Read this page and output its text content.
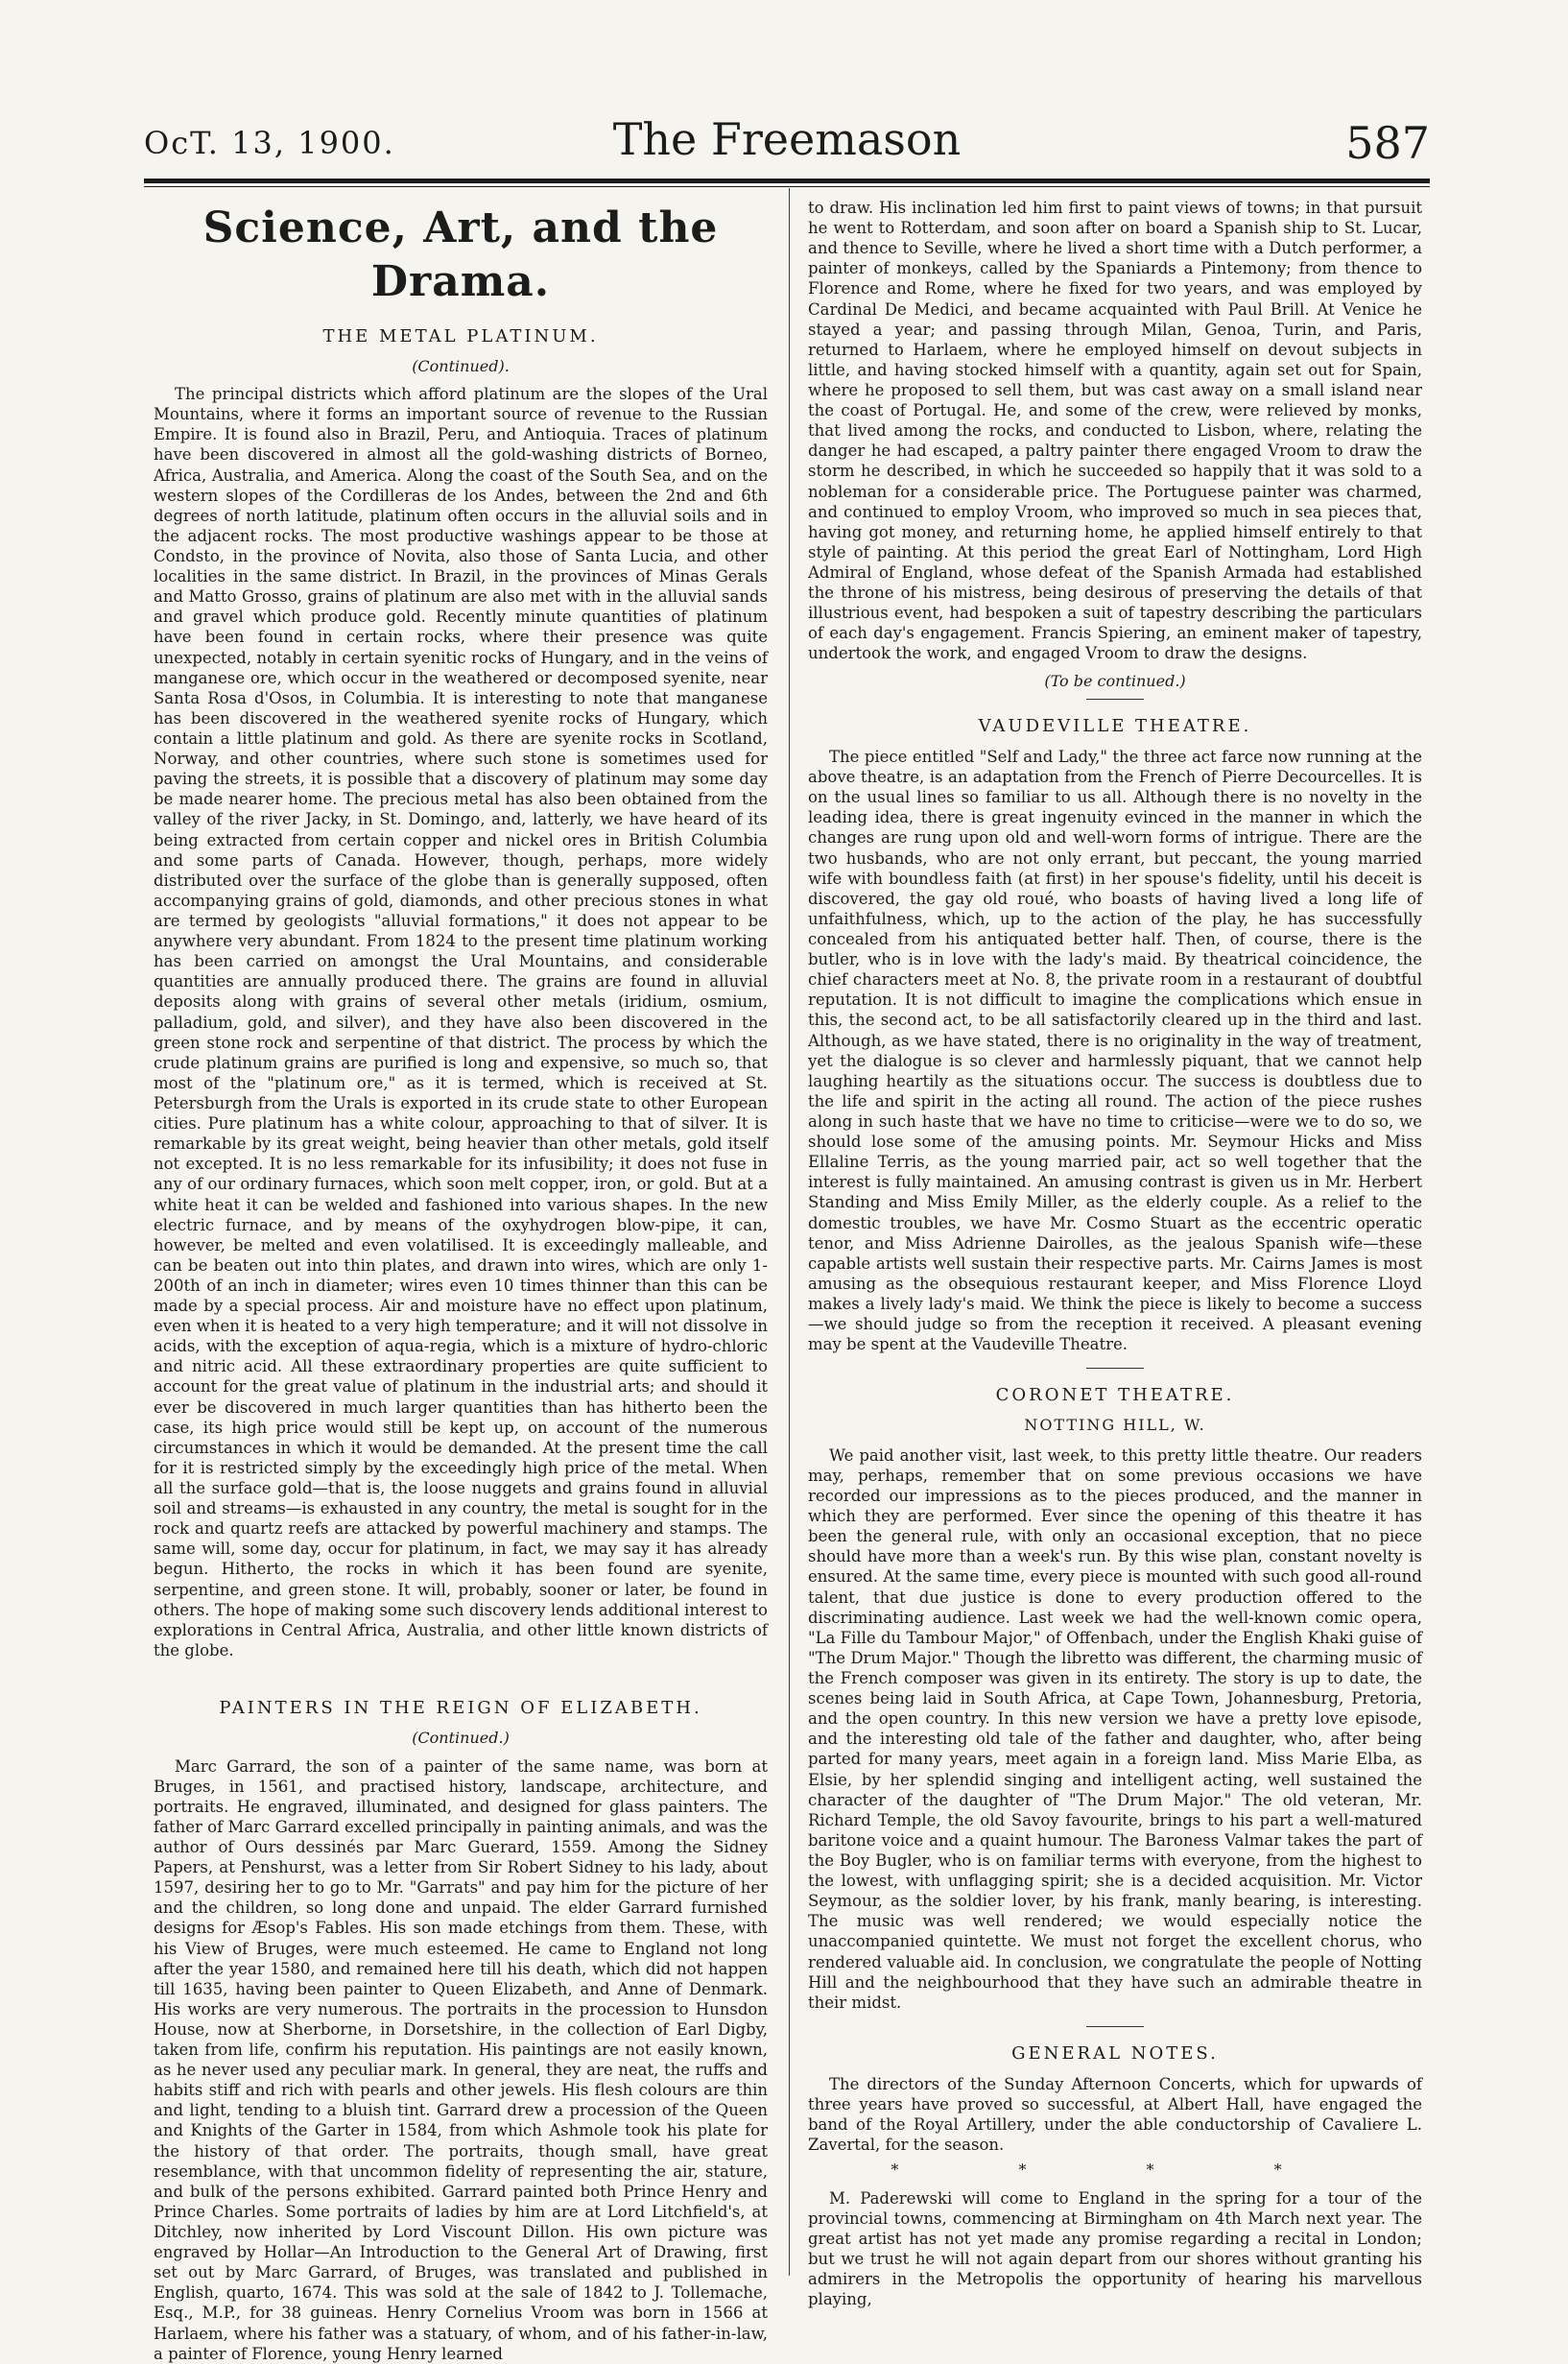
OcT. 13, 1900.	The Freemason	587
Science, Art, and the Drama.
THE METAL PLATINUM.
(Continued).

The principal districts which afford platinum are the slopes of the Ural Mountains, where it forms an important source of revenue to the Russian Empire. It is found also in Brazil, Peru, and Antioquia. Traces of platinum have been discovered in almost all the gold-washing districts of Borneo, Africa, Australia, and America. Along the coast of the South Sea, and on the western slopes of the Cordilleras de los Andes, between the 2nd and 6th degrees of north latitude, platinum often occurs in the alluvial soils and in the adjacent rocks. The most productive washings appear to be those at Condsto, in the province of Novita, also those of Santa Lucia, and other localities in the same district. In Brazil, in the provinces of Minas Gerals and Matto Grosso, grains of platinum are also met with in the alluvial sands and gravel which produce gold. Recently minute quantities of platinum have been found in certain rocks, where their presence was quite unexpected, notably in certain syenitic rocks of Hungary, and in the veins of manganese ore, which occur in the weathered or decomposed syenite, near Santa Rosa d'Osos, in Columbia. It is interesting to note that manganese has been discovered in the weathered syenite rocks of Hungary, which contain a little platinum and gold. As there are syenite rocks in Scotland, Norway, and other countries, where such stone is sometimes used for paving the streets, it is possible that a discovery of platinum may some day be made nearer home. The precious metal has also been obtained from the valley of the river Jacky, in St. Domingo, and, latterly, we have heard of its being extracted from certain copper and nickel ores in British Columbia and some parts of Canada. However, though, perhaps, more widely distributed over the surface of the globe than is generally supposed, often accompanying grains of gold, diamonds, and other precious stones in what are termed by geologists "alluvial formations," it does not appear to be anywhere very abundant. From 1824 to the present time platinum working has been carried on amongst the Ural Mountains, and considerable quantities are annually produced there. The grains are found in alluvial deposits along with grains of several other metals (iridium, osmium, palladium, gold, and silver), and they have also been discovered in the green stone rock and serpentine of that district. The process by which the crude platinum grains are purified is long and expensive, so much so, that most of the "platinum ore," as it is termed, which is received at St. Petersburgh from the Urals is exported in its crude state to other European cities. Pure platinum has a white colour, approaching to that of silver. It is remarkable by its great weight, being heavier than other metals, gold itself not excepted. It is no less remarkable for its infusibility; it does not fuse in any of our ordinary furnaces, which soon melt copper, iron, or gold. But at a white heat it can be welded and fashioned into various shapes. In the new electric furnace, and by means of the oxyhydrogen blow-pipe, it can, however, be melted and even volatilised. It is exceedingly malleable, and can be beaten out into thin plates, and drawn into wires, which are only 1-200th of an inch in diameter; wires even 10 times thinner than this can be made by a special process. Air and moisture have no effect upon platinum, even when it is heated to a very high temperature; and it will not dissolve in acids, with the exception of aqua-regia, which is a mixture of hydro-chloric and nitric acid. All these extraordinary properties are quite sufficient to account for the great value of platinum in the industrial arts; and should it ever be discovered in much larger quantities than has hitherto been the case, its high price would still be kept up, on account of the numerous circumstances in which it would be demanded. At the present time the call for it is restricted simply by the exceedingly high price of the metal. When all the surface gold—that is, the loose nuggets and grains found in alluvial soil and streams—is exhausted in any country, the metal is sought for in the rock and quartz reefs are attacked by powerful machinery and stamps. The same will, some day, occur for platinum, in fact, we may say it has already begun. Hitherto, the rocks in which it has been found are syenite, serpentine, and green stone. It will, probably, sooner or later, be found in others. The hope of making some such discovery lends additional interest to explorations in Central Africa, Australia, and other little known districts of the globe.

PAINTERS IN THE REIGN OF ELIZABETH.
(Continued.)

Marc Garrard, the son of a painter of the same name, was born at Bruges, in 1561, and practised history, landscape, architecture, and portraits. He engraved, illuminated, and designed for glass painters. The father of Marc Garrard excelled principally in painting animals, and was the author of Ours dessinés par Marc Guerard, 1559. Among the Sidney Papers, at Penshurst, was a letter from Sir Robert Sidney to his lady, about 1597, desiring her to go to Mr. "Garrats" and pay him for the picture of her and the children, so long done and unpaid. The elder Garrard furnished designs for Æsop's Fables. His son made etchings from them. These, with his View of Bruges, were much esteemed. He came to England not long after the year 1580, and remained here till his death, which did not happen till 1635, having been painter to Queen Elizabeth, and Anne of Denmark. His works are very numerous. The portraits in the procession to Hunsdon House, now at Sherborne, in Dorsetshire, in the collection of Earl Digby, taken from life, confirm his reputation. His paintings are not easily known, as he never used any peculiar mark. In general, they are neat, the ruffs and habits stiff and rich with pearls and other jewels. His flesh colours are thin and light, tending to a bluish tint. Garrard drew a procession of the Queen and Knights of the Garter in 1584, from which Ashmole took his plate for the history of that order. The portraits, though small, have great resemblance, with that uncommon fidelity of representing the air, stature, and bulk of the persons exhibited. Garrard painted both Prince Henry and Prince Charles. Some portraits of ladies by him are at Lord Litchfield's, at Ditchley, now inherited by Lord Viscount Dillon. His own picture was engraved by Hollar—An Introduction to the General Art of Drawing, first set out by Marc Garrard, of Bruges, was translated and published in English, quarto, 1674. This was sold at the sale of 1842 to J. Tollemache, Esq., M.P., for 38 guineas. Henry Cornelius Vroom was born in 1566 at Harlaem, where his father was a statuary, of whom, and of his father-in-law, a painter of Florence, young Henry learned

to draw. His inclination led him first to paint views of towns; in that pursuit he went to Rotterdam, and soon after on board a Spanish ship to St. Lucar, and thence to Seville, where he lived a short time with a Dutch performer, a painter of monkeys, called by the Spaniards a Pintemony; from thence to Florence and Rome, where he fixed for two years, and was employed by Cardinal De Medici, and became acquainted with Paul Brill. At Venice he stayed a year; and passing through Milan, Genoa, Turin, and Paris, returned to Harlaem, where he employed himself on devout subjects in little, and having stocked himself with a quantity, again set out for Spain, where he proposed to sell them, but was cast away on a small island near the coast of Portugal. He, and some of the crew, were relieved by monks, that lived among the rocks, and conducted to Lisbon, where, relating the danger he had escaped, a paltry painter there engaged Vroom to draw the storm he described, in which he succeeded so happily that it was sold to a nobleman for a considerable price. The Portuguese painter was charmed, and continued to employ Vroom, who improved so much in sea pieces that, having got money, and returning home, he applied himself entirely to that style of painting. At this period the great Earl of Nottingham, Lord High Admiral of England, whose defeat of the Spanish Armada had established the throne of his mistress, being desirous of preserving the details of that illustrious event, had bespoken a suit of tapestry describing the particulars of each day's engagement. Francis Spiering, an eminent maker of tapestry, undertook the work, and engaged Vroom to draw the designs.

(To be continued.)
VAUDEVILLE THEATRE.

The piece entitled "Self and Lady," the three act farce now running at the above theatre, is an adaptation from the French of Pierre Decourcelles. It is on the usual lines so familiar to us all. Although there is no novelty in the leading idea, there is great ingenuity evinced in the manner in which the changes are rung upon old and well-worn forms of intrigue. There are the two husbands, who are not only errant, but peccant, the young married wife with boundless faith (at first) in her spouse's fidelity, until his deceit is discovered, the gay old roué, who boasts of having lived a long life of unfaithfulness, which, up to the action of the play, he has successfully concealed from his antiquated better half. Then, of course, there is the butler, who is in love with the lady's maid. By theatrical coincidence, the chief characters meet at No. 8, the private room in a restaurant of doubtful reputation. It is not difficult to imagine the complications which ensue in this, the second act, to be all satisfactorily cleared up in the third and last. Although, as we have stated, there is no originality in the way of treatment, yet the dialogue is so clever and harmlessly piquant, that we cannot help laughing heartily as the situations occur. The success is doubtless due to the life and spirit in the acting all round. The action of the piece rushes along in such haste that we have no time to criticise—were we to do so, we should lose some of the amusing points. Mr. Seymour Hicks and Miss Ellaline Terris, as the young married pair, act so well together that the interest is fully maintained. An amusing contrast is given us in Mr. Herbert Standing and Miss Emily Miller, as the elderly couple. As a relief to the domestic troubles, we have Mr. Cosmo Stuart as the eccentric operatic tenor, and Miss Adrienne Dairolles, as the jealous Spanish wife—these capable artists well sustain their respective parts. Mr. Cairns James is most amusing as the obsequious restaurant keeper, and Miss Florence Lloyd makes a lively lady's maid. We think the piece is likely to become a success—we should judge so from the reception it received. A pleasant evening may be spent at the Vaudeville Theatre.

CORONET THEATRE.
NOTTING HILL, W.

We paid another visit, last week, to this pretty little theatre. Our readers may, perhaps, remember that on some previous occasions we have recorded our impressions as to the pieces produced, and the manner in which they are performed. Ever since the opening of this theatre it has been the general rule, with only an occasional exception, that no piece should have more than a week's run. By this wise plan, constant novelty is ensured. At the same time, every piece is mounted with such good all-round talent, that due justice is done to every production offered to the discriminating audience. Last week we had the well-known comic opera, "La Fille du Tambour Major," of Offenbach, under the English Khaki guise of "The Drum Major." Though the libretto was different, the charming music of the French composer was given in its entirety. The story is up to date, the scenes being laid in South Africa, at Cape Town, Johannesburg, Pretoria, and the open country. In this new version we have a pretty love episode, and the interesting old tale of the father and daughter, who, after being parted for many years, meet again in a foreign land. Miss Marie Elba, as Elsie, by her splendid singing and intelligent acting, well sustained the character of the daughter of "The Drum Major." The old veteran, Mr. Richard Temple, the old Savoy favourite, brings to his part a well-matured baritone voice and a quaint humour. The Baroness Valmar takes the part of the Boy Bugler, who is on familiar terms with everyone, from the highest to the lowest, with unflagging spirit; she is a decided acquisition. Mr. Victor Seymour, as the soldier lover, by his frank, manly bearing, is interesting. The music was well rendered; we would especially notice the unaccompanied quintette. We must not forget the excellent chorus, who rendered valuable aid. In conclusion, we congratulate the people of Notting Hill and the neighbourhood that they have such an admirable theatre in their midst.

GENERAL NOTES.

The directors of the Sunday Afternoon Concerts, which for upwards of three years have proved so successful, at Albert Hall, have engaged the band of the Royal Artillery, under the able conductorship of Cavaliere L. Zavertal, for the season.

* * * *

M. Paderewski will come to England in the spring for a tour of the provincial towns, commencing at Birmingham on 4th March next year. The great artist has not yet made any promise regarding a recital in London; but we trust he will not again depart from our shores without granting his admirers in the Metropolis the opportunity of hearing his marvellous playing,
